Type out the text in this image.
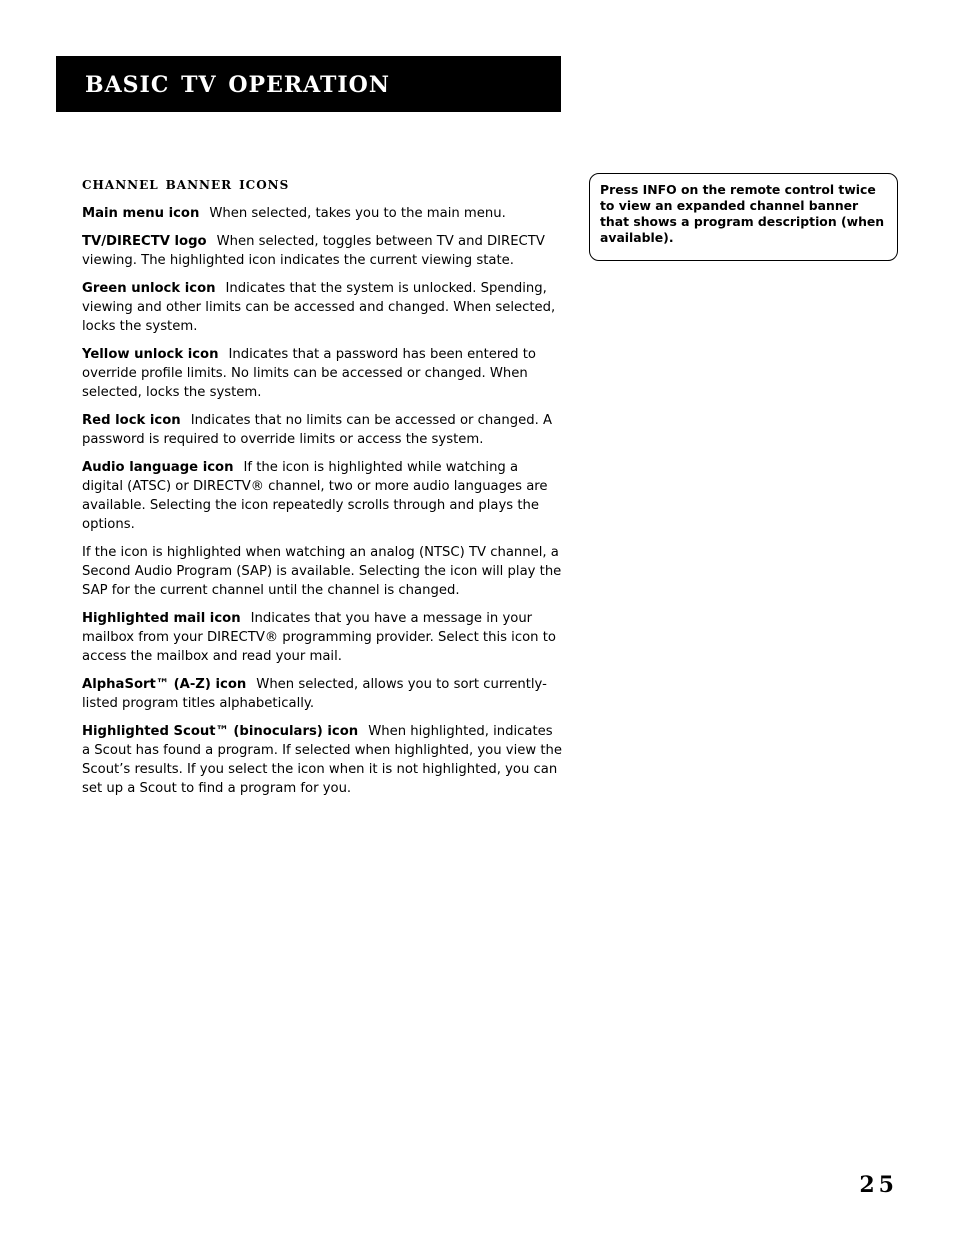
basic tv operation
channel banner icons

Main menu icon When selected, takes you to the main menu.

TV/DIRECTV logo When selected, toggles between TV and DIRECTV viewing. The highlighted icon indicates the current viewing state.

Green unlock icon Indicates that the system is unlocked. Spending, viewing and other limits can be accessed and changed. When selected, locks the system.

Yellow unlock icon Indicates that a password has been entered to override profile limits. No limits can be accessed or changed. When selected, locks the system.

Red lock icon Indicates that no limits can be accessed or changed. A password is required to override limits or access the system.

Audio language icon If the icon is highlighted while watching a digital (ATSC) or DIRECTV® channel, two or more audio languages are available. Selecting the icon repeatedly scrolls through and plays the options.

If the icon is highlighted when watching an analog (NTSC) TV channel, a Second Audio Program (SAP) is available. Selecting the icon will play the SAP for the current channel until the channel is changed.

Highlighted mail icon Indicates that you have a message in your mailbox from your DIRECTV® programming provider. Select this icon to access the mailbox and read your mail.

AlphaSort™ (A-Z) icon When selected, allows you to sort currently-listed program titles alphabetically.

Highlighted Scout™ (binoculars) icon When highlighted, indicates a Scout has found a program. If selected when highlighted, you view the Scout’s results. If you select the icon when it is not highlighted, you can set up a Scout to find a program for you.

Press INFO on the remote control twice to view an expanded channel banner that shows a program description (when available).
25
